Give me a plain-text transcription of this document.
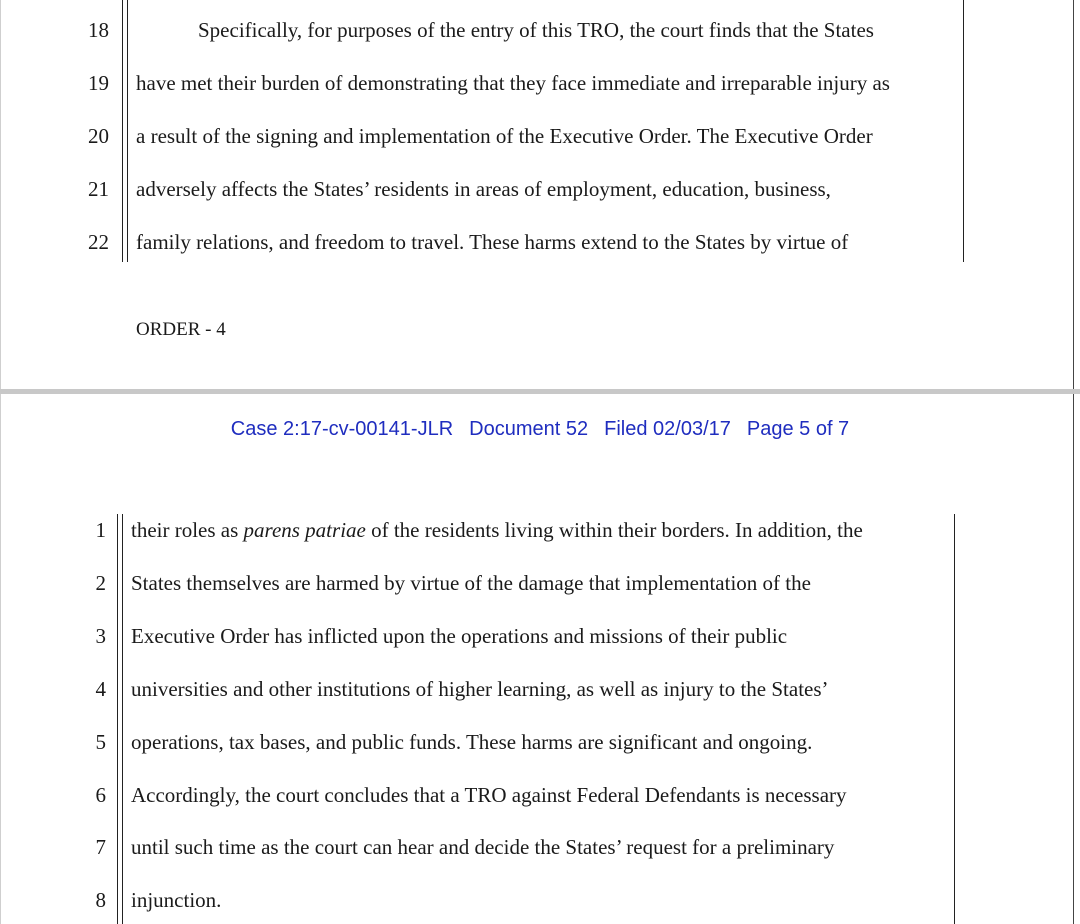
18	Specifically, for purposes of the entry of this TRO, the court finds that the States
19 have met their burden of demonstrating that they face immediate and irreparable injury as
20 a result of the signing and implementation of the Executive Order. The Executive Order
21 adversely affects the States’ residents in areas of employment, education, business,
22 family relations, and freedom to travel. These harms extend to the States by virtue of
ORDER - 4
Case 2:17-cv-00141-JLR Document 52 Filed 02/03/17 Page 5 of 7
1 their roles as parens patriae of the residents living within their borders. In addition, the
2 States themselves are harmed by virtue of the damage that implementation of the
3 Executive Order has inflicted upon the operations and missions of their public
4 universities and other institutions of higher learning, as well as injury to the States’
5 operations, tax bases, and public funds. These harms are significant and ongoing.
6 Accordingly, the court concludes that a TRO against Federal Defendants is necessary
7 until such time as the court can hear and decide the States’ request for a preliminary
8 injunction.
